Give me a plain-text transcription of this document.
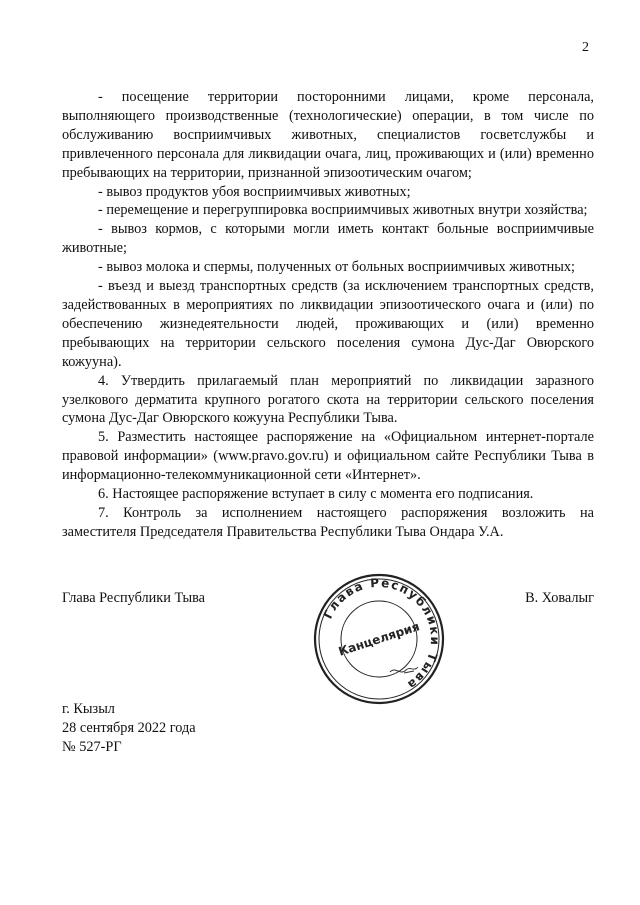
2

- посещение территории посторонними лицами, кроме персонала, выполняющего производственные (технологические) операции, в том числе по обслуживанию восприимчивых животных, специалистов госветслужбы и привлеченного персонала для ликвидации очага, лиц, проживающих и (или) временно пребывающих на территории, признанной эпизоотическим очагом;

- вывоз продуктов убоя восприимчивых животных;

- перемещение и перегруппировка восприимчивых животных внутри хозяйства;

- вывоз кормов, с которыми могли иметь контакт больные восприимчивые животные;

- вывоз молока и спермы, полученных от больных восприимчивых животных;

- въезд и выезд транспортных средств (за исключением транспортных средств, задействованных в мероприятиях по ликвидации эпизоотического очага и (или) по обеспечению жизнедеятельности людей, проживающих и (или) временно пребывающих на территории сельского поселения сумона Дус-Даг Овюрского кожууна).

4. Утвердить прилагаемый план мероприятий по ликвидации заразного узелкового дерматита крупного рогатого скота на территории сельского поселения сумона Дус-Даг Овюрского кожууна Республики Тыва.

5. Разместить настоящее распоряжение на «Официальном интернет-портале правовой информации» (www.pravo.gov.ru) и официальном сайте Республики Тыва в информационно-телекоммуникационной сети «Интернет».

6. Настоящее распоряжение вступает в силу с момента его подписания.

7. Контроль за исполнением настоящего распоряжения возложить на заместителя Председателя Правительства Республики Тыва Ондара У.А.

Глава Республики Тыва	В. Ховалыг
Глава Республики Тыва
Канцелярия
г. Кызыл
28 сентября 2022 года
№ 527-РГ
